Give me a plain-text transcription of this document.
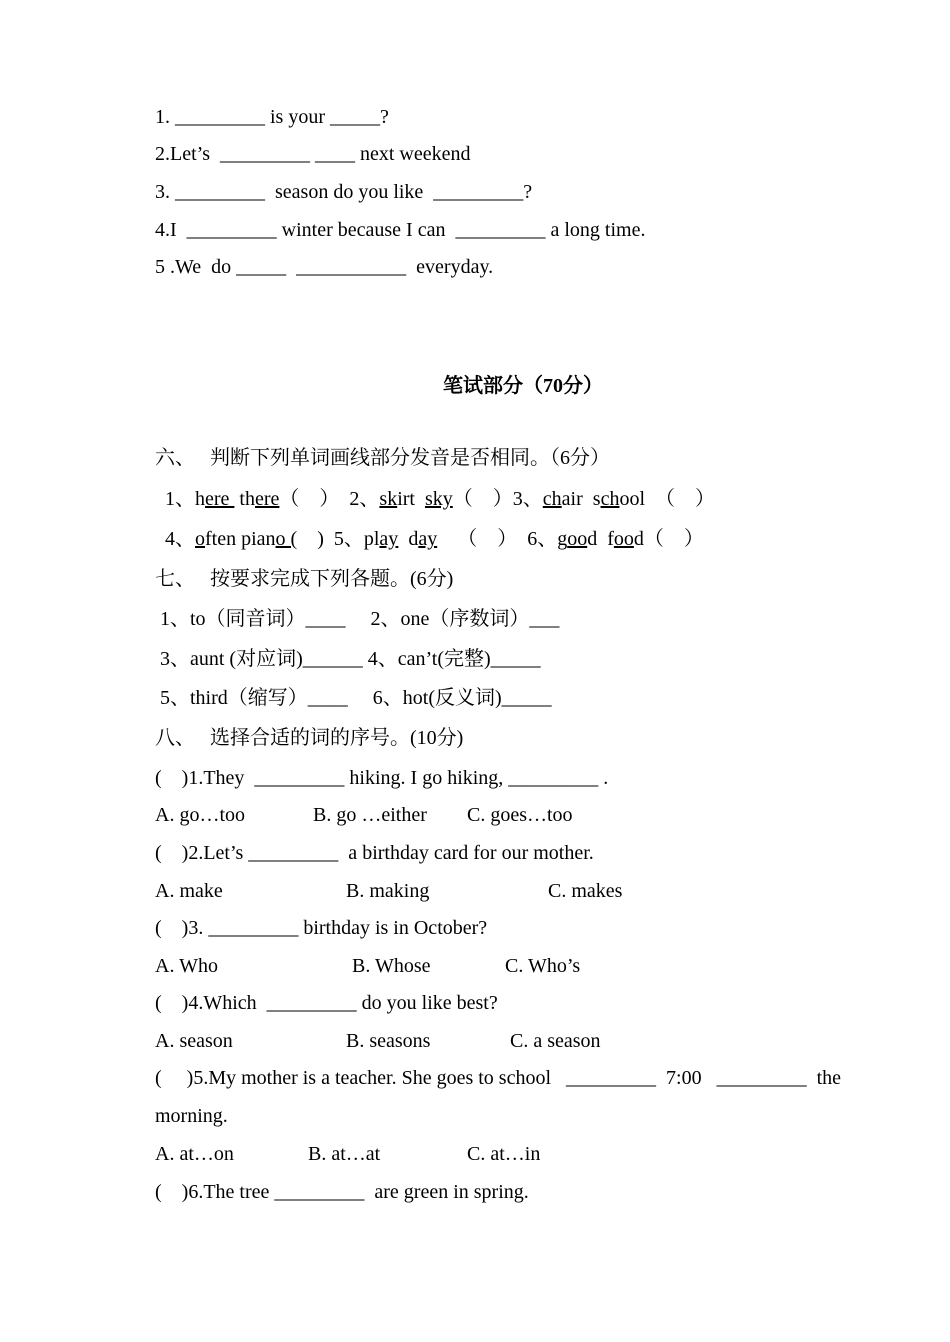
1. _________ is your _____?
2.Let’s  _________ ____ next weekend
3. _________  season do you like  _________?
4.I  _________ winter because I can  _________ a long time.
5 .We  do _____  ___________  everyday.
笔试部分（70分）
六、   判断下列单词画线部分发音是否相同。（6分）
1、here  there（    ）  2、skirt  sky（    ）3、chair  school  （    ）
4、often piano (    )  5、play  day    （    ）  6、good  food（    ）
七、   按要求完成下列各题。(6分)
1、to（同音词）____     2、one（序数词）___
3、aunt (对应词)______ 4、can’t(完整)_____
5、third（缩写）____     6、hot(反义词)_____
八、   选择合适的词的序号。(10分)
(    )1.They  _________ hiking. I go hiking, _________ .
A. go…too	B. go …either C. goes…too
(    )2.Let’s _________  a birthday card for our mother.
A. make	B. making	C. makes
(    )3. _________ birthday is in October?
A. Who	B. Whose	C. Who’s
(    )4.Which  _________ do you like best?
A. season	B. seasons	C. a season
(     )5.My mother is a teacher. She goes to school   _________  7:00   _________  the
morning.
A. at…on	B. at…at	C. at…in
(    )6.The tree _________  are green in spring.
